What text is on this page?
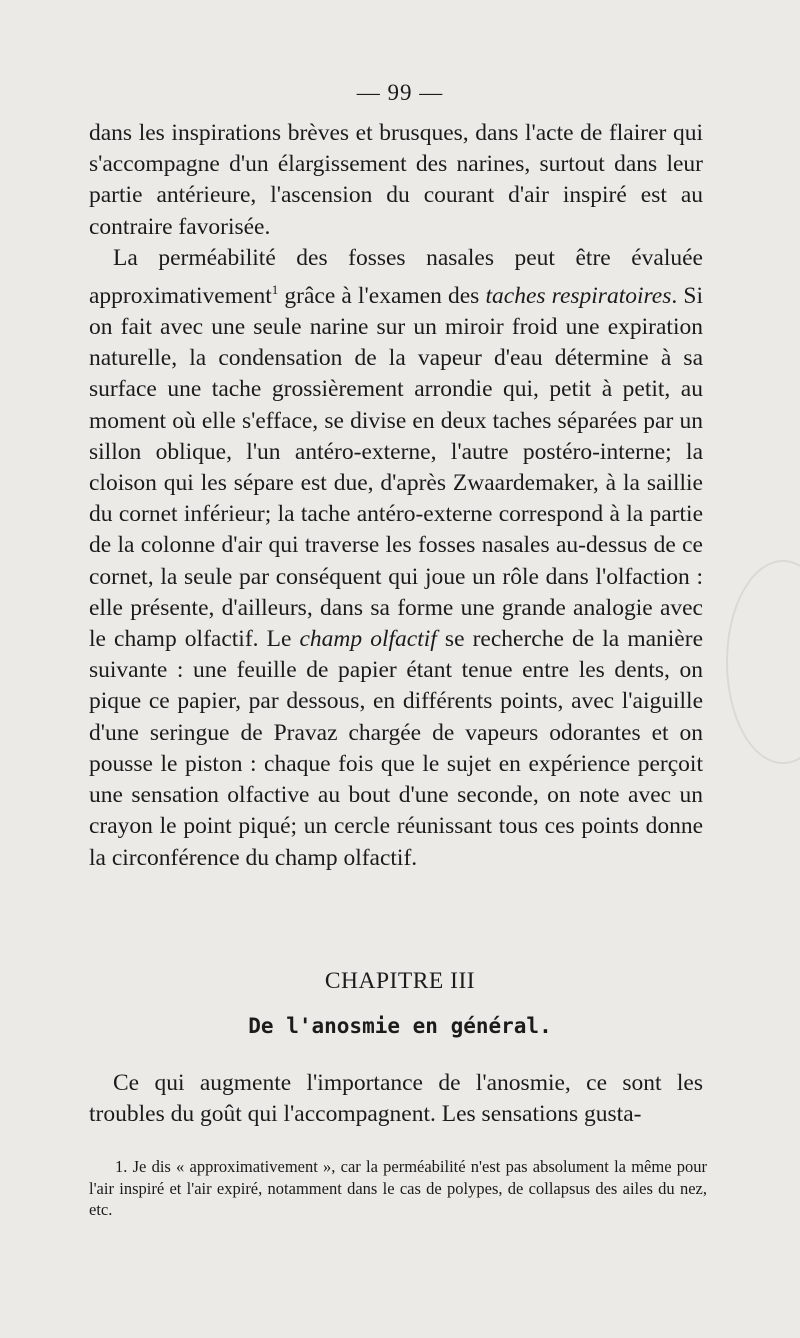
— 99 —

dans les inspirations brèves et brusques, dans l'acte de flairer qui s'accompagne d'un élargissement des narines, surtout dans leur partie antérieure, l'ascension du courant d'air inspiré est au contraire favorisée.

La perméabilité des fosses nasales peut être évaluée approximativement$^1$ grâce à l'examen des taches respiratoires. Si on fait avec une seule narine sur un miroir froid une expiration naturelle, la condensation de la vapeur d'eau détermine à sa surface une tache grossièrement arrondie qui, petit à petit, au moment où elle s'efface, se divise en deux taches séparées par un sillon oblique, l'un antéro-externe, l'autre postéro-interne; la cloison qui les sépare est due, d'après Zwaardemaker, à la saillie du cornet inférieur; la tache antéro-externe correspond à la partie de la colonne d'air qui traverse les fosses nasales au-dessus de ce cornet, la seule par conséquent qui joue un rôle dans l'olfaction : elle présente, d'ailleurs, dans sa forme une grande analogie avec le champ olfactif. Le champ olfactif se recherche de la manière suivante : une feuille de papier étant tenue entre les dents, on pique ce papier, par dessous, en différents points, avec l'aiguille d'une seringue de Pravaz chargée de vapeurs odorantes et on pousse le piston : chaque fois que le sujet en expérience perçoit une sensation olfactive au bout d'une seconde, on note avec un crayon le point piqué; un cercle réunissant tous ces points donne la circonférence du champ olfactif.

CHAPITRE III
De l'anosmie en général.

Ce qui augmente l'importance de l'anosmie, ce sont les troubles du goût qui l'accompagnent. Les sensations gusta-

1. Je dis « approximativement », car la perméabilité n'est pas absolument la même pour l'air inspiré et l'air expiré, notamment dans le cas de polypes, de collapsus des ailes du nez, etc.
